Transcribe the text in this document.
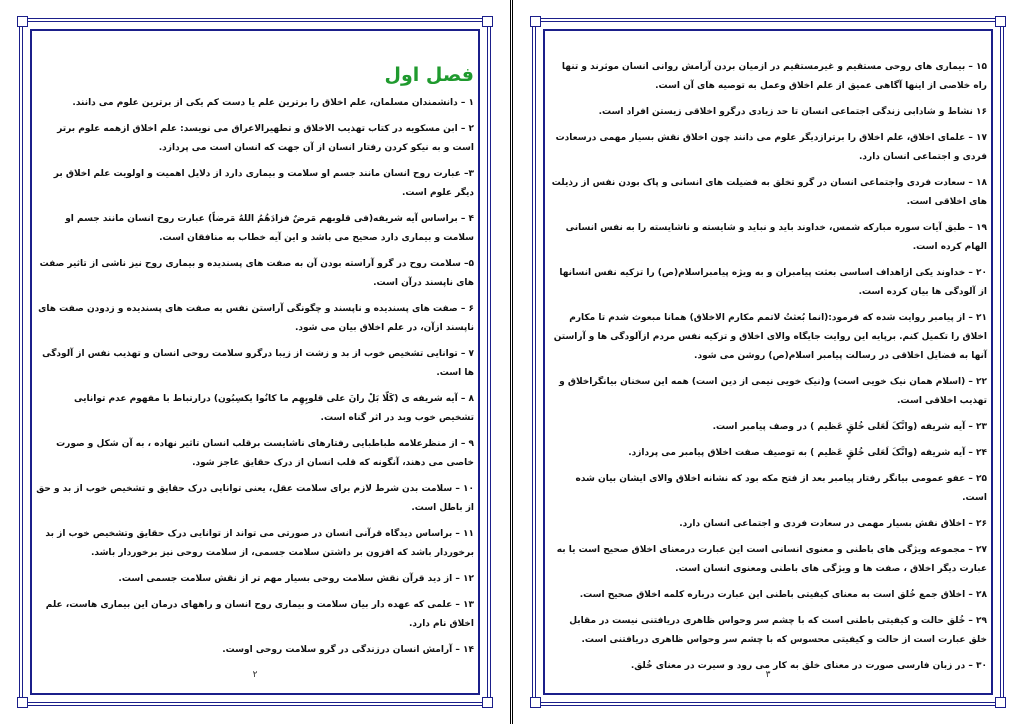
فصل اول

۱ – دانشمندان مسلمان، علم اخلاق را برترین علم یا دست کم یکی از برترین علوم می دانند.

۲ – ابن مسکویه در کتاب تهذیب الاخلاق و تطهیرالاعراق می نویسد: علم اخلاق ازهمه علوم برتر است و به نیکو کردن رفتار انسان از آن جهت که انسان است می پردازد.

۳– عبارت روح انسان مانند جسم او سلامت و بیماری دارد از دلایل اهمیت و اولویت علم اخلاق بر دیگر علوم است.

۴ – براساس آیه شریفه(فی قلوبهم مَرضٌ فزادَهُمُ اللهُ مَرضاً) عبارت روح انسان مانند جسم او سلامت و بیماری دارد صحیح می باشد و این آیه خطاب به منافقان است.

۵– سلامت روح در گرو آراسته بودن آن به صفت های پسندیده و بیماری روح نیز ناشی از تاثیر صفت های ناپسند درآن است.

۶ – صفت های پسندیده و ناپسند و چگونگی آراستن نفس به صفت های پسندیده و زدودن صفت های ناپسند ازآن، در علم اخلاق بیان می شود.

۷ – توانایی تشخیص خوب از بد و زشت از زیبا درگرو سلامت روحی انسان و تهذیب نفس از آلودگی ها است.

۸ – آیه شریفه ی (کَلّا بَلْ رانَ علی قلوبِهِم ما کانُوا یکسِبُون) درارتباط با مفهوم عدم توانایی تشخیص خوب وبد در اثر گناه است.

۹ – از منظرعلامه طباطبایی رفتارهای ناشایست برقلب انسان تاثیر نهاده ، به آن شکل و صورت خاصی می دهند، آنگونه که قلب انسان از درک حقایق عاجز شود.

۱۰ – سلامت بدن شرط لازم برای سلامت عقل، یعنی توانایی درک حقایق و تشخیص خوب از بد و حق از باطل است.

۱۱ – براساس دیدگاه قرآنی انسان در صورتی می تواند از توانایی درک حقایق وتشخیص خوب از بد برخوردار باشد که افزون بر داشتن سلامت جسمی، از سلامت روحی نیز برخوردار باشد.

۱۲ – از دید قرآن نقش سلامت روحی بسیار مهم تر از نقش سلامت جسمی است.

۱۳ – علمی که عهده دار بیان سلامت و بیماری روح انسان و راههای درمان این بیماری هاست، علم اخلاق نام دارد.

۱۴ – آرامش انسان درزندگی در گرو سلامت روحی اوست.

۲

۱۵ – بیماری های روحی مستقیم و غیرمستقیم در ازمیان بردن آرامش روانی انسان موثرند و تنها راه خلاصی از اینها آگاهی عمیق از علم اخلاق وعمل به توصیه های آن است.

۱۶ نشاط و شادابی زندگی اجتماعی انسان تا حد زیادی درگرو اخلاقی زیستن افراد است.

۱۷ – علمای اخلاق، علم اخلاق را برترازدیگر علوم می دانند چون اخلاق نقش بسیار مهمی درسعادت فردی و اجتماعی انسان دارد.

۱۸ – سعادت فردی واجتماعی انسان در گرو تخلق به فضیلت های انسانی و پاک بودن نفس از رذیلت های اخلاقی است.

۱۹ – طبق آیات سوره مبارکه شمس، خداوند باید و نباید و شایسته و ناشایسته را به نفس انسانی الهام کرده است.

۲۰ – خداوند یکی ازاهداف اساسی بعثت پیامبران و به ویژه پیامبراسلام(ص) را تزکیه نفس انسانها از آلودگی ها بیان کرده است.

۲۱ – از پیامبر روایت شده که فرمود:(انما بُعثتُ لاتمم مکارم الاخلاق) همانا مبعوث شدم تا مکارم اخلاق را تکمیل کنم. برپایه این روایت جایگاه والای اخلاق و تزکیه نفس مردم ازآلودگی ها و آراستن آنها به فضایل اخلاقی در رسالت پیامبر اسلام(ص) روشن می شود.

۲۲ – (اسلام همان نیک خویی است) و(نیک خویی نیمی از دین است) همه این سخنان بیانگراخلاق و تهذیب اخلاقی است.

۲۳ – آیه شریفه (وانَّکَ لَعَلی خُلقٍ عَظیم ) در وصف پیامبر است.

۲۴ – آیه شریفه (وانَّکَ لَعَلی خُلقٍ عَظیم ) به توصیف صفت اخلاق پیامبر می پردازد.

۲۵ – عفو عمومی بیانگر رفتار پیامبر بعد از فتح مکه بود که نشانه اخلاق والای ایشان بیان شده است.

۲۶ – اخلاق نقش بسیار مهمی در سعادت فردی و اجتماعی انسان دارد.

۲۷ – مجموعه ویژگی های باطنی و معنوی انسانی است این عبارت درمعنای اخلاق صحیح است یا به عبارت دیگر اخلاق ، صفت ها و ویژگی های باطنی ومعنوی انسان است.

۲۸ – اخلاق جمع خُلق است به معنای کیفیتی باطنی این عبارت درباره کلمه اخلاق صحیح است.

۲۹ – خُلق حالت و کیفیتی باطنی است که با چشم سر وحواس ظاهری دریافتنی نیست در مقابل خلق عبارت است از حالت و کیفیتی محسوس که با چشم سر وحواس ظاهری دریافتنی است.

۳۰ – در زبان فارسی صورت در معنای خلق به کار می رود و سیرت در معنای خُلق.

۳
